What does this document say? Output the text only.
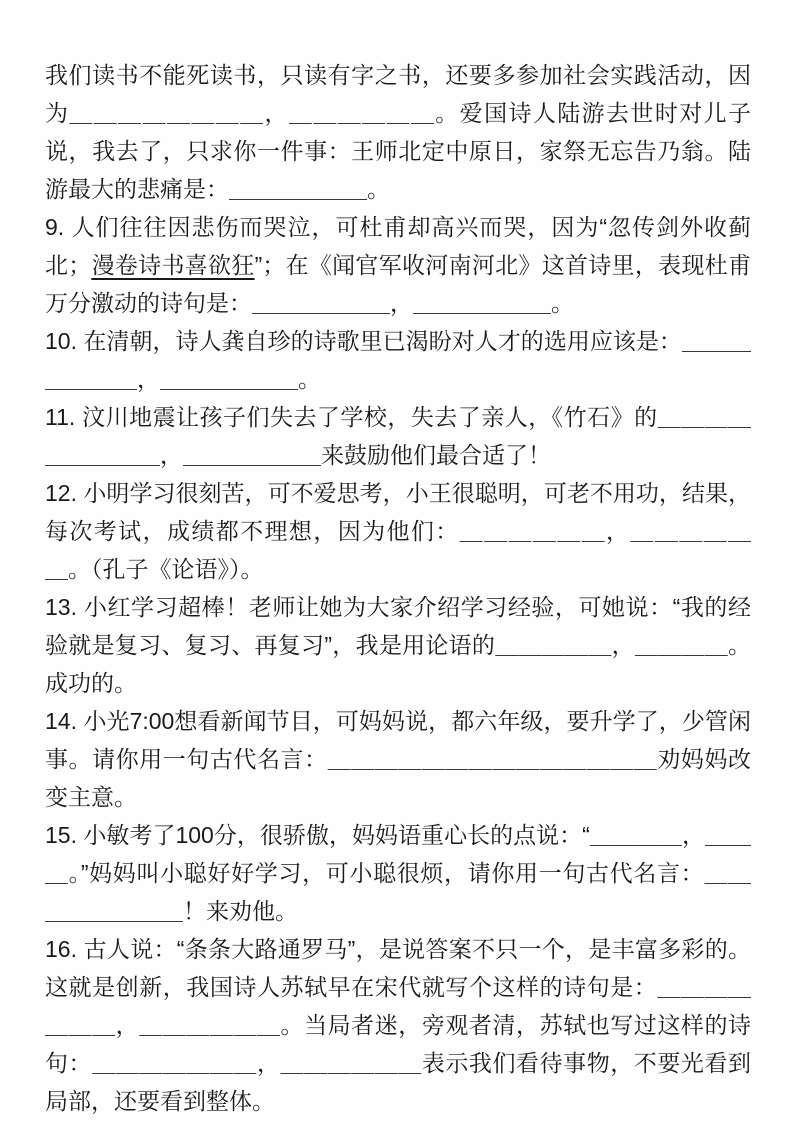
我们读书不能死读书，只读有字之书，还要多参加社会实践活动，因为＿＿＿＿＿＿＿＿，＿＿＿＿＿＿。爱国诗人陆游去世时对儿子说，我去了，只求你一件事：王师北定中原日，家祭无忘告乃翁。陆游最大的悲痛是：＿＿＿＿＿＿。

9. 人们往往因悲伤而哭泣，可杜甫却高兴而哭，因为“忽传剑外收蓟北；漫卷诗书喜欲狂”；在《闻官军收河南河北》这首诗里，表现杜甫万分激动的诗句是：＿＿＿＿＿＿，＿＿＿＿＿＿。

10. 在清朝，诗人龚自珍的诗歌里已渴盼对人才的选用应该是：＿＿＿＿＿＿＿，＿＿＿＿＿＿。

11. 汶川地震让孩子们失去了学校，失去了亲人，《竹石》的＿＿＿＿＿＿＿＿＿，＿＿＿＿＿＿来鼓励他们最合适了！

12. 小明学习很刻苦，可不爱思考，小王很聪明，可老不用功，结果，每次考试，成绩都不理想，因为他们：＿＿＿＿＿＿，＿＿＿＿＿＿。（孔子《论语》）。

13. 小红学习超棒！老师让她为大家介绍学习经验，可她说：“我的经验就是复习、复习、再复习”，我是用论语的＿＿＿＿＿，＿＿＿＿。成功的。

14. 小光7:00想看新闻节目，可妈妈说，都六年级，要升学了，少管闲事。请你用一句古代名言：＿＿＿＿＿＿＿＿＿＿＿＿＿＿劝妈妈改变主意。

15. 小敏考了100分，很骄傲，妈妈语重心长的点说：“＿＿＿＿，＿＿＿。”妈妈叫小聪好好学习，可小聪很烦，请你用一句古代名言：＿＿＿＿＿＿＿＿！来劝他。

16. 古人说：“条条大路通罗马”，是说答案不只一个，是丰富多彩的。这就是创新，我国诗人苏轼早在宋代就写个这样的诗句是：＿＿＿＿＿＿＿，＿＿＿＿＿＿。当局者迷，旁观者清，苏轼也写过这样的诗句：＿＿＿＿＿＿＿，＿＿＿＿＿＿表示我们看待事物，不要光看到局部，还要看到整体。
